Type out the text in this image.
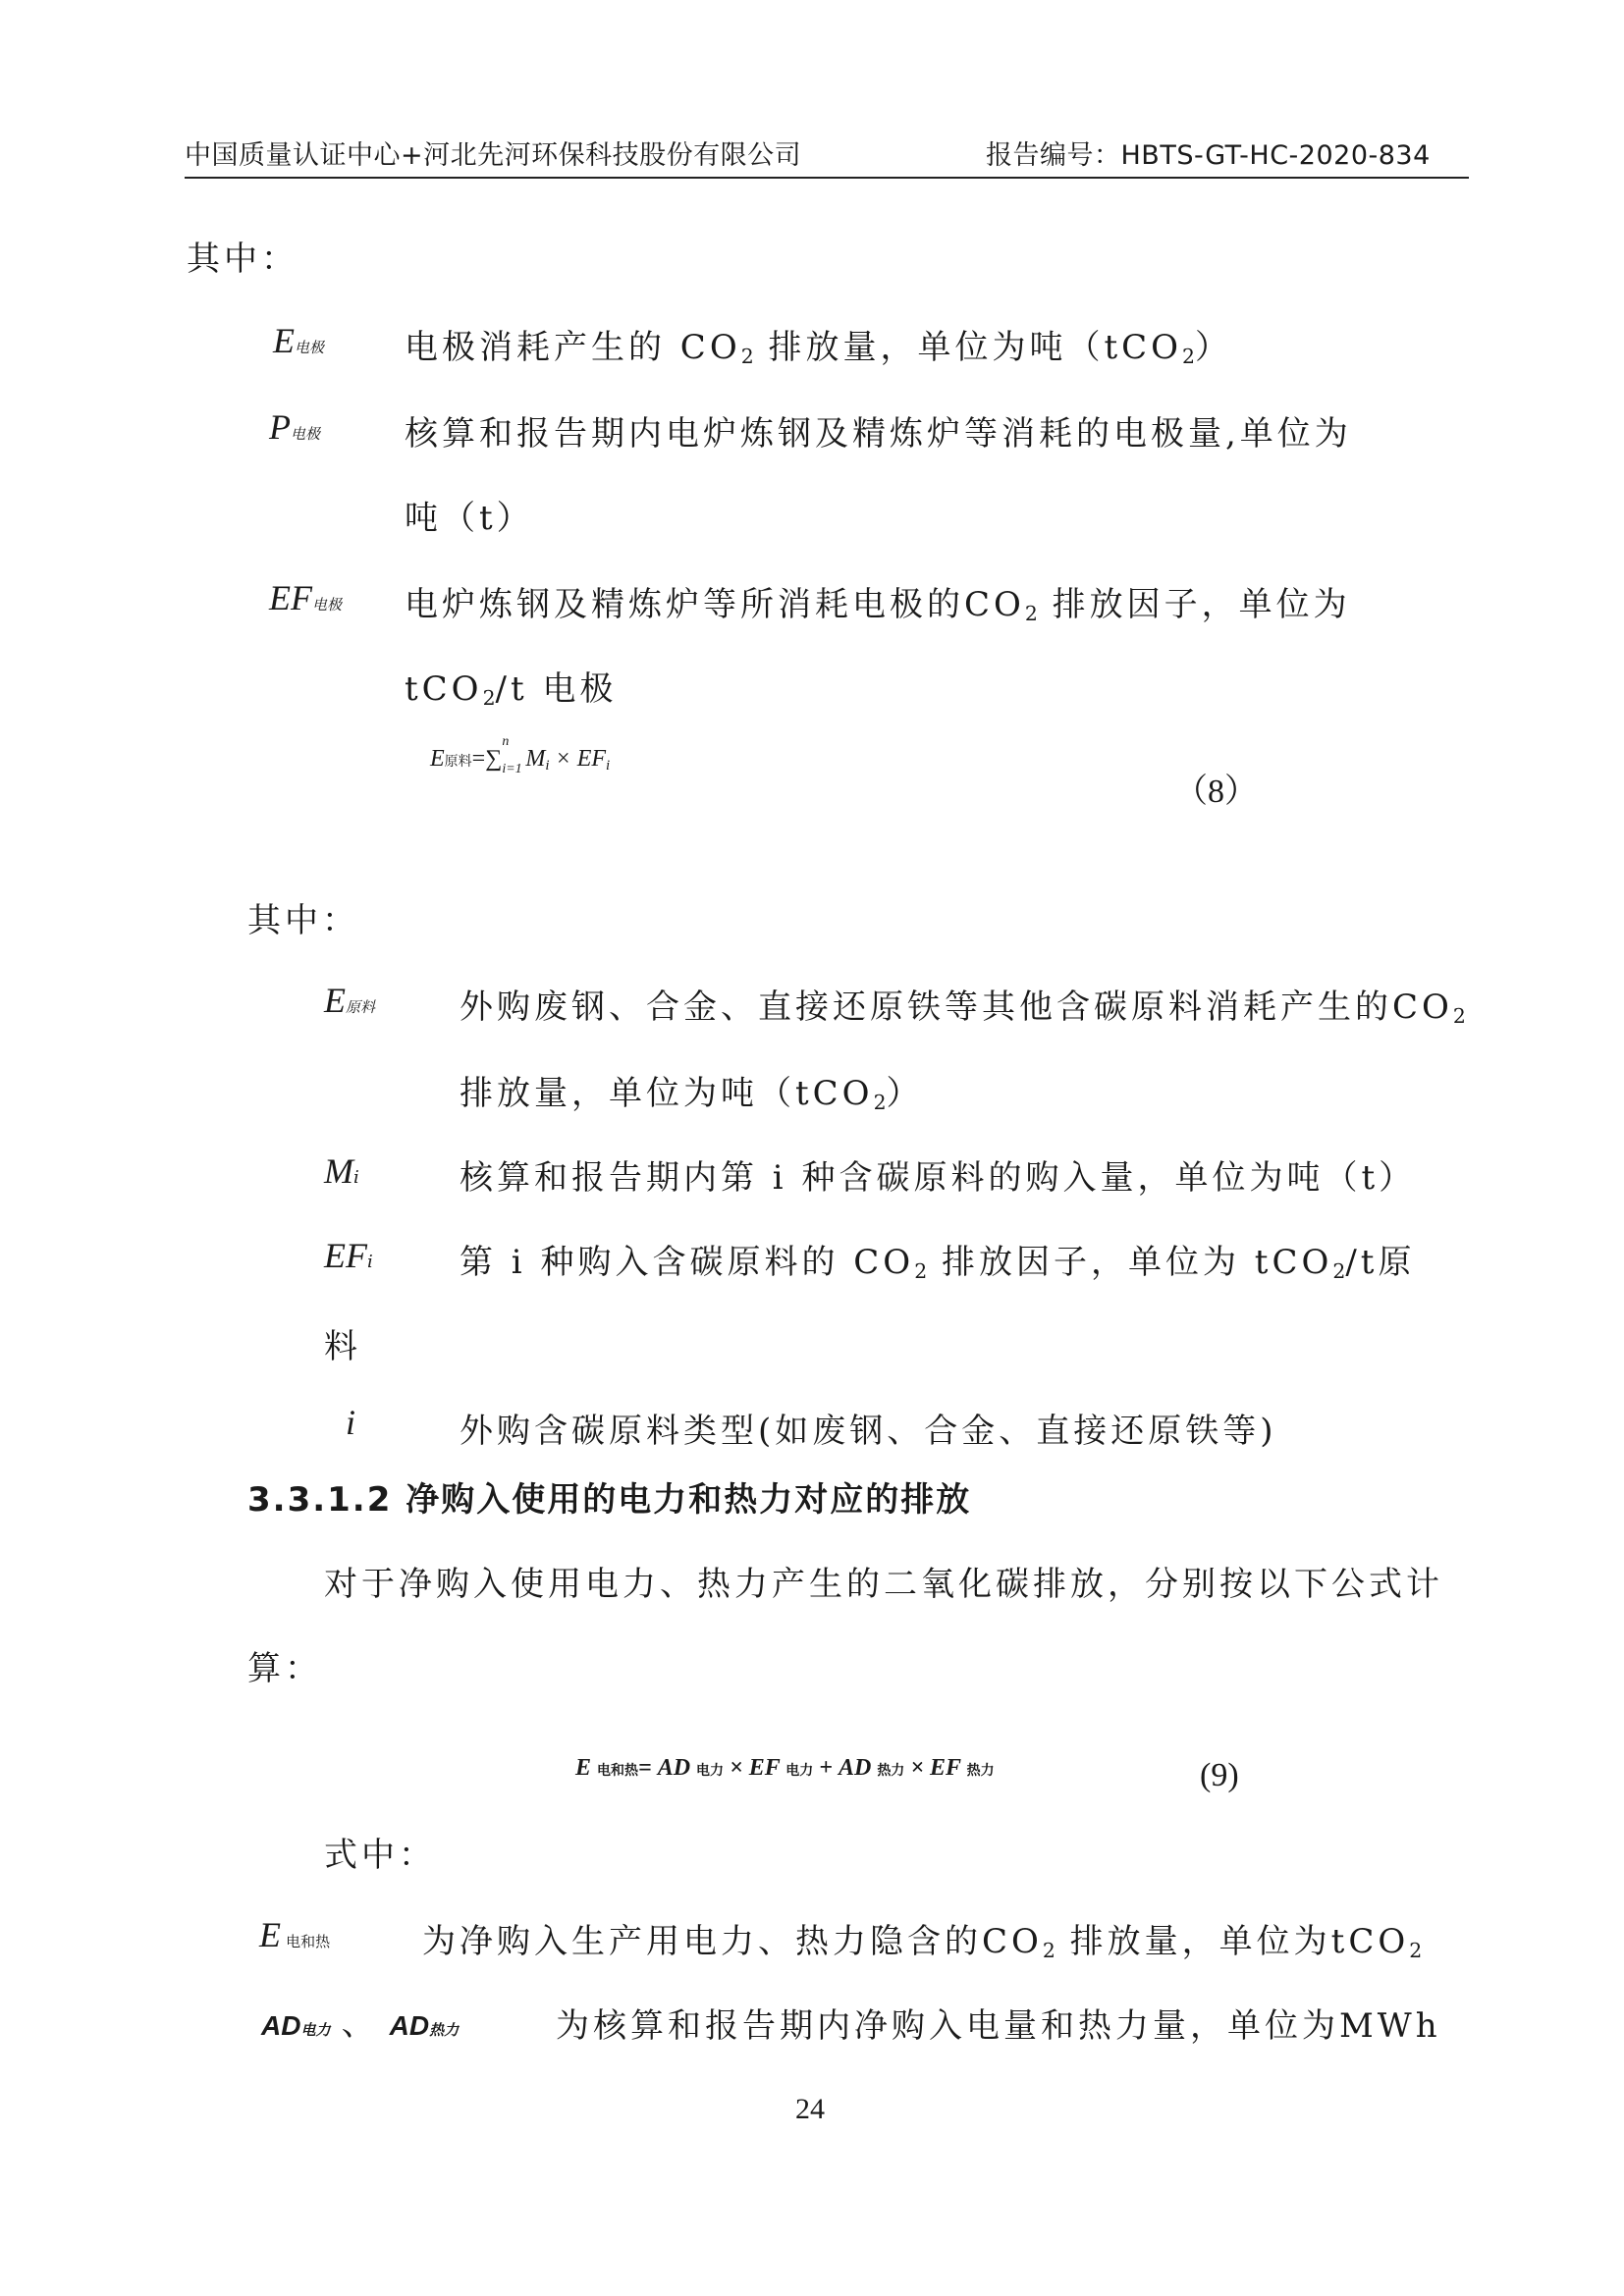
中国质量认证中心+河北先河环保科技股份有限公司	报告编号：HBTS-GT-HC-2020-834
其中：
E电极 电极消耗产生的 $CO_2$ 排放量，单位为吨（tCO$_2$）
P电极	核算和报告期内电炉炼钢及精炼炉等消耗的电极量,单位为
吨（t）
EF电极 电炉炼钢及精炼炉等所消耗电极的$CO_2$ 排放因子，单位为
tCO$_2$/t 电极
E原料=∑
n
i=1 Mi × EFi
（8）
其中：
E原料	外购废钢、合金、直接还原铁等其他含碳原料消耗产生的$CO_2$
排放量，单位为吨（tCO$_2$）
Mi	核算和报告期内第 i 种含碳原料的购入量，单位为吨（t）
EFi	第 i 种购入含碳原料的 $CO_2$ 排放因子，单位为 tCO$_2$/t原
料
i	外购含碳原料类型(如废钢、合金、直接还原铁等)
3.3.1.2 净购入使用的电力和热力对应的排放
对于净购入使用电力、热力产生的二氧化碳排放，分别按以下公式计
算：
E 电和热= AD 电力 × EF 电力 + AD 热力 × EF 热力	(9)
式中：
E 电和热	为净购入生产用电力、热力隐含的$CO_2$ 排放量，单位为tCO$_2$
AD电力 、 AD热力	为核算和报告期内净购入电量和热力量，单位为MWh
24
